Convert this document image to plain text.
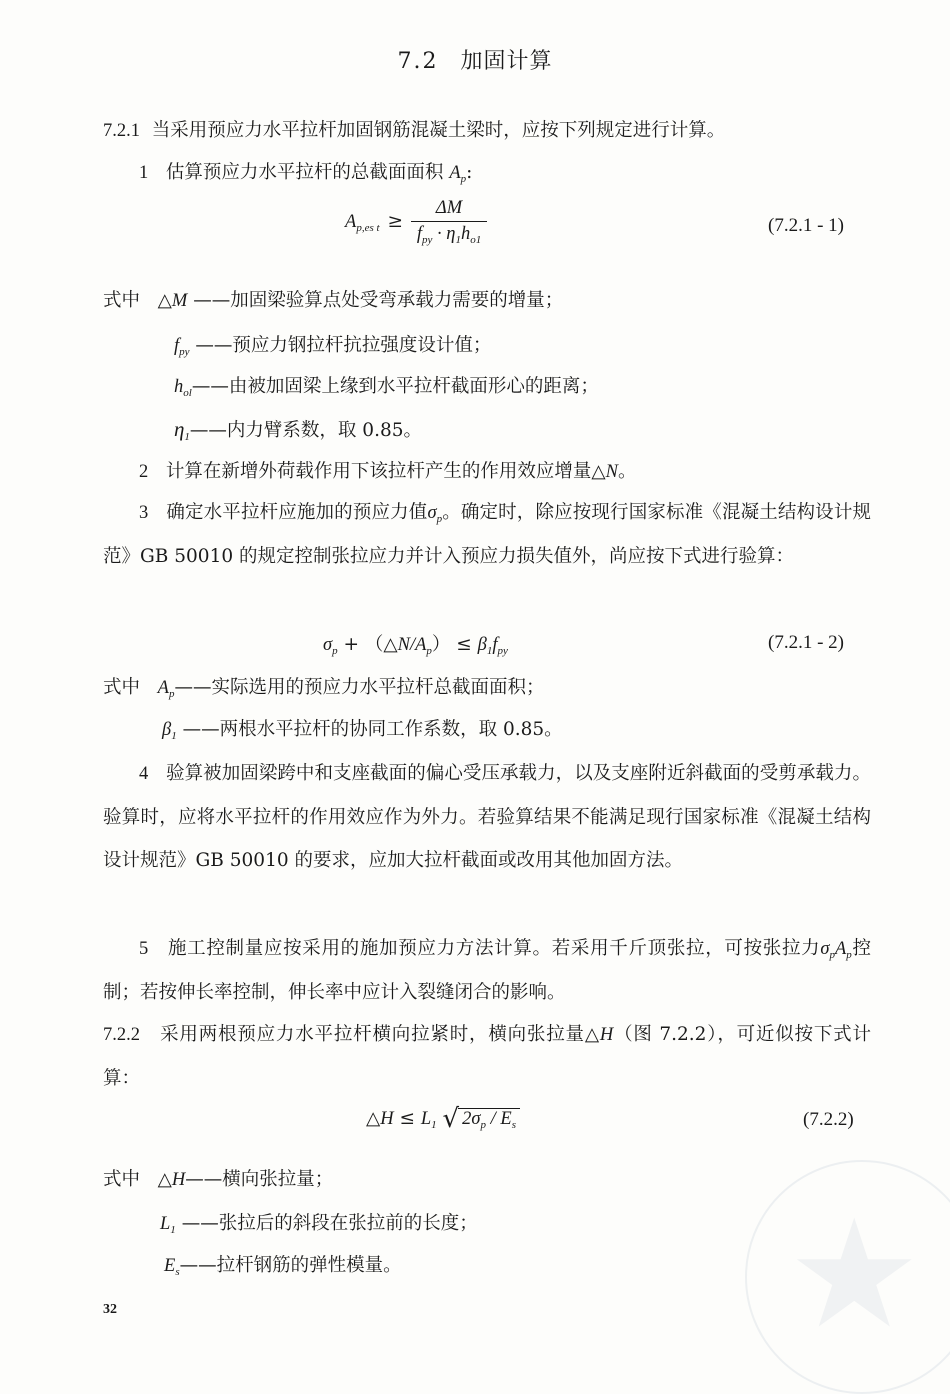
7.2 加固计算
7.2.1 当采用预应力水平拉杆加固钢筋混凝土梁时，应按下列规定进行计算。
1 估算预应力水平拉杆的总截面面积 $A_p$:
$A_{p,es t} \ge \frac{\Delta M}{f_{py} \cdot \eta_1h_{o1}}$	(7.2.1 - 1)
式中 △M ——加固梁验算点处受弯承载力需要的增量；
$f_{py}$ ——预应力钢拉杆抗拉强度设计值；
$h_{ol}——$由被加固梁上缘到水平拉杆截面形心的距离；
$\eta_1——$内力臂系数，取 0.85。
2 计算在新增外荷载作用下该拉杆产生的作用效应增量△N。
3 确定水平拉杆应施加的预应力值$\sigma_p$。确定时，除应按现行国家标准《混凝土结构设计规范》GB 50010 的规定控制张拉应力并计入预应力损失值外，尚应按下式进行验算：
$\sigma_p$ + $(\triangle N/A_p) \le \beta_1f_{py}$	(7.2.1 - 2)
式中 $A_p——$实际选用的预应力水平拉杆总截面面积；
$\beta_1$ ——两根水平拉杆的协同工作系数，取 0.85。
4 验算被加固梁跨中和支座截面的偏心受压承载力，以及支座附近斜截面的受剪承载力。验算时，应将水平拉杆的作用效应作为外力。若验算结果不能满足现行国家标准《混凝土结构设计规范》GB 50010 的要求，应加大拉杆截面或改用其他加固方法。
5 施工控制量应按采用的施加预应力方法计算。若采用千斤顶张拉，可按张拉力$\sigma_pA_p$控制；若按伸长率控制，伸长率中应计入裂缝闭合的影响。
7.2.2 采用两根预应力水平拉杆横向拉紧时，横向张拉量△H（图 7.2.2），可近似按下式计算：
△H ≤ $L_1$ √ $2\sigma_p / E_s$	(7.2.2)
式中 △H——横向张拉量；
$L_1$ ——张拉后的斜段在张拉前的长度；
$E_s——$拉杆钢筋的弹性模量。
32	★
